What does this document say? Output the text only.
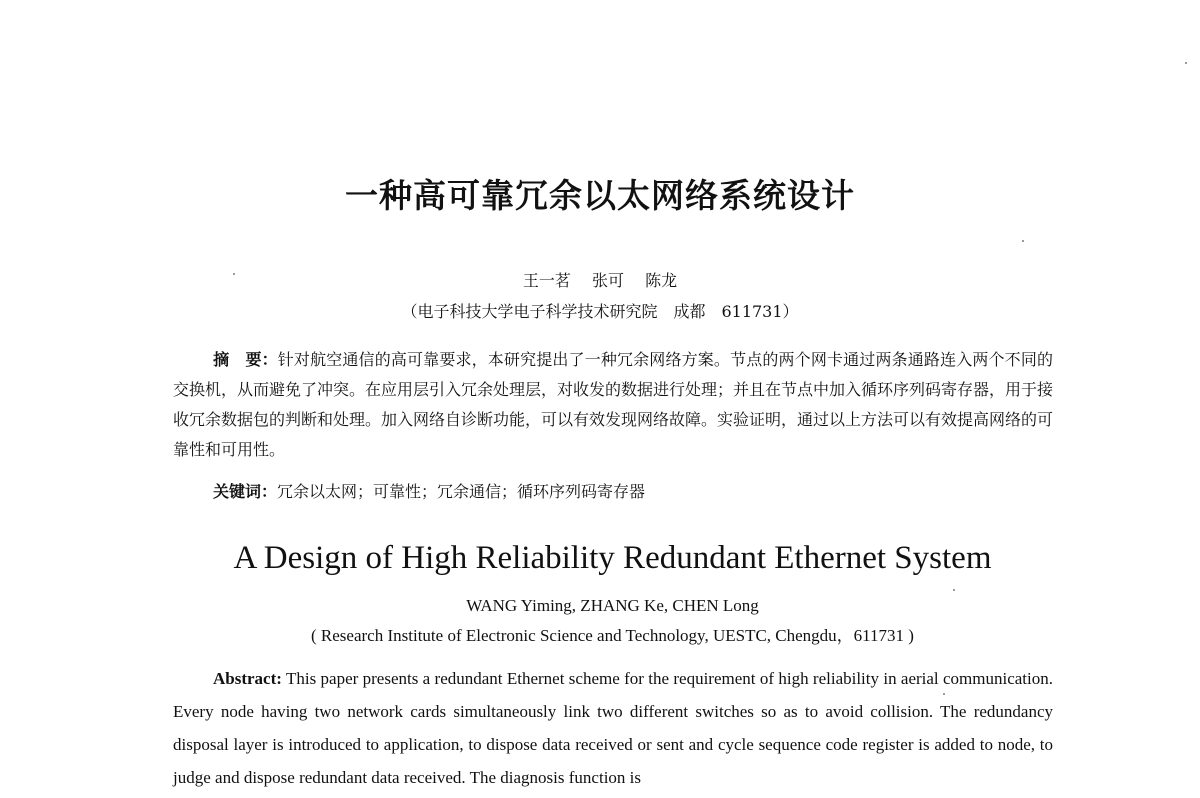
一种高可靠冗余以太网络系统设计
王一茗　 张可　 陈龙
（电子科技大学电子科学技术研究院　成都　611731）
摘　要：针对航空通信的高可靠要求，本研究提出了一种冗余网络方案。节点的两个网卡通过两条通路连入两个不同的交换机，从而避免了冲突。在应用层引入冗余处理层，对收发的数据进行处理；并且在节点中加入循环序列码寄存器，用于接收冗余数据包的判断和处理。加入网络自诊断功能，可以有效发现网络故障。实验证明，通过以上方法可以有效提高网络的可靠性和可用性。
关键词：冗余以太网；可靠性；冗余通信；循环序列码寄存器
A Design of High Reliability Redundant Ethernet System
WANG Yiming, ZHANG Ke, CHEN Long
( Research Institute of Electronic Science and Technology, UESTC, Chengdu，611731 )
Abstract: This paper presents a redundant Ethernet scheme for the requirement of high reliability in aerial communication. Every node having two network cards simultaneously link two different switches so as to avoid collision. The redundancy disposal layer is introduced to application, to dispose data received or sent and cycle sequence code register is added to node, to judge and dispose redundant data received. The diagnosis function is
